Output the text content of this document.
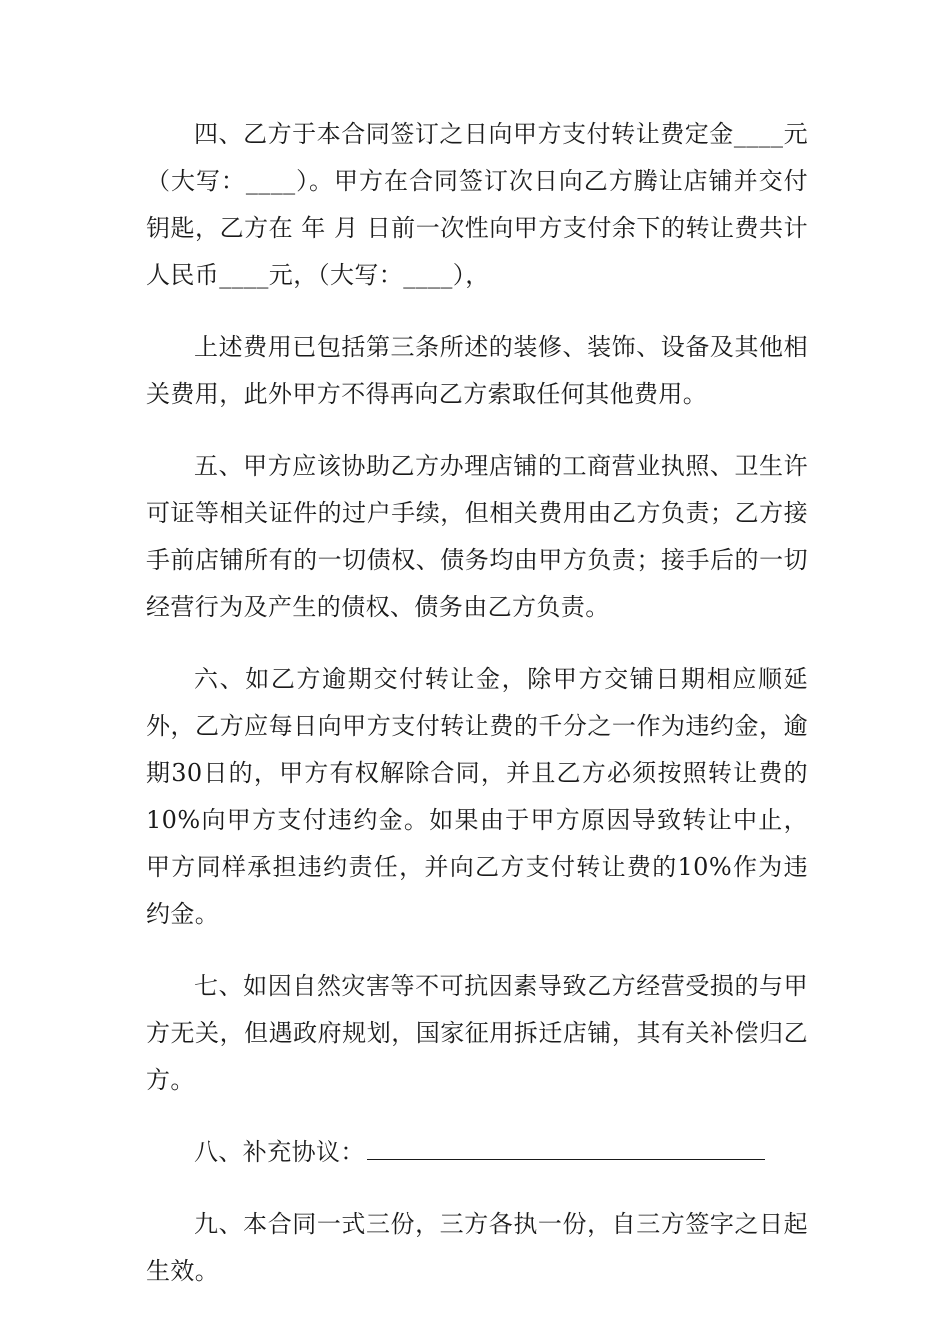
四、乙方于本合同签订之日向甲方支付转让费定金____元（大写：____）。甲方在合同签订次日向乙方腾让店铺并交付钥匙，乙方在 年 月 日前一次性向甲方支付余下的转让费共计人民币____元，（大写：____），

上述费用已包括第三条所述的装修、装饰、设备及其他相关费用，此外甲方不得再向乙方索取任何其他费用。

五、甲方应该协助乙方办理店铺的工商营业执照、卫生许可证等相关证件的过户手续，但相关费用由乙方负责；乙方接手前店铺所有的一切债权、债务均由甲方负责；接手后的一切经营行为及产生的债权、债务由乙方负责。

六、如乙方逾期交付转让金，除甲方交铺日期相应顺延外，乙方应每日向甲方支付转让费的千分之一作为违约金，逾期30日的，甲方有权解除合同，并且乙方必须按照转让费的10%向甲方支付违约金。如果由于甲方原因导致转让中止，甲方同样承担违约责任，并向乙方支付转让费的10%作为违约金。

七、如因自然灾害等不可抗因素导致乙方经营受损的与甲方无关，但遇政府规划，国家征用拆迁店铺，其有关补偿归乙方。

八、补充协议：

九、本合同一式三份，三方各执一份，自三方签字之日起生效。
